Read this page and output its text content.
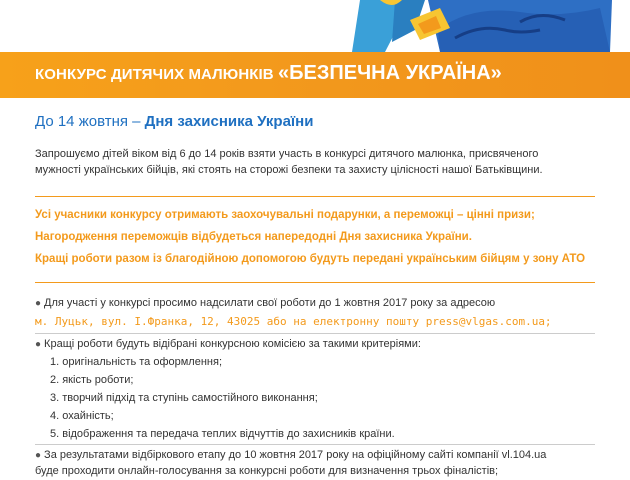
КОНКУРС ДИТЯЧИХ МАЛЮНКІВ «БЕЗПЕЧНА УКРАЇНА»
До 14 жовтня – Дня захисника України
Запрошуємо дітей віком від 6 до 14 років взяти участь в конкурсі дитячого малюнка, присвяченого
мужності українських бійців, які стоять на сторожі безпеки та захисту цілісності нашої Батьківщини.
Усі учасники конкурсу отримають заохочувальні подарунки, а переможці – цінні призи;
Нагородження переможців відбудеться напередодні Дня захисника України.
Кращі роботи разом із благодійною допомогою будуть передані українським бійцям у зону АТО
● Для участі у конкурсі просимо надсилати свої роботи до 1 жовтня 2017 року за адресою
м. Луцьк, вул. І.Франка, 12, 43025 або на електронну пошту press@vlgas.com.ua;
● Кращі роботи будуть відібрані конкурсною комісією за такими критеріями:
1. оригінальність та оформлення;
2. якість роботи;
3. творчий підхід та ступінь самостійного виконання;
4. охайність;
5. відображення та передача теплих відчуттів до захисників країни.
● За результатами відбіркового етапу до 10 жовтня 2017 року на офіційному сайті компанії vl.104.ua
буде проходити онлайн-голосування за конкурсні роботи для визначення трьох фіналістів;
